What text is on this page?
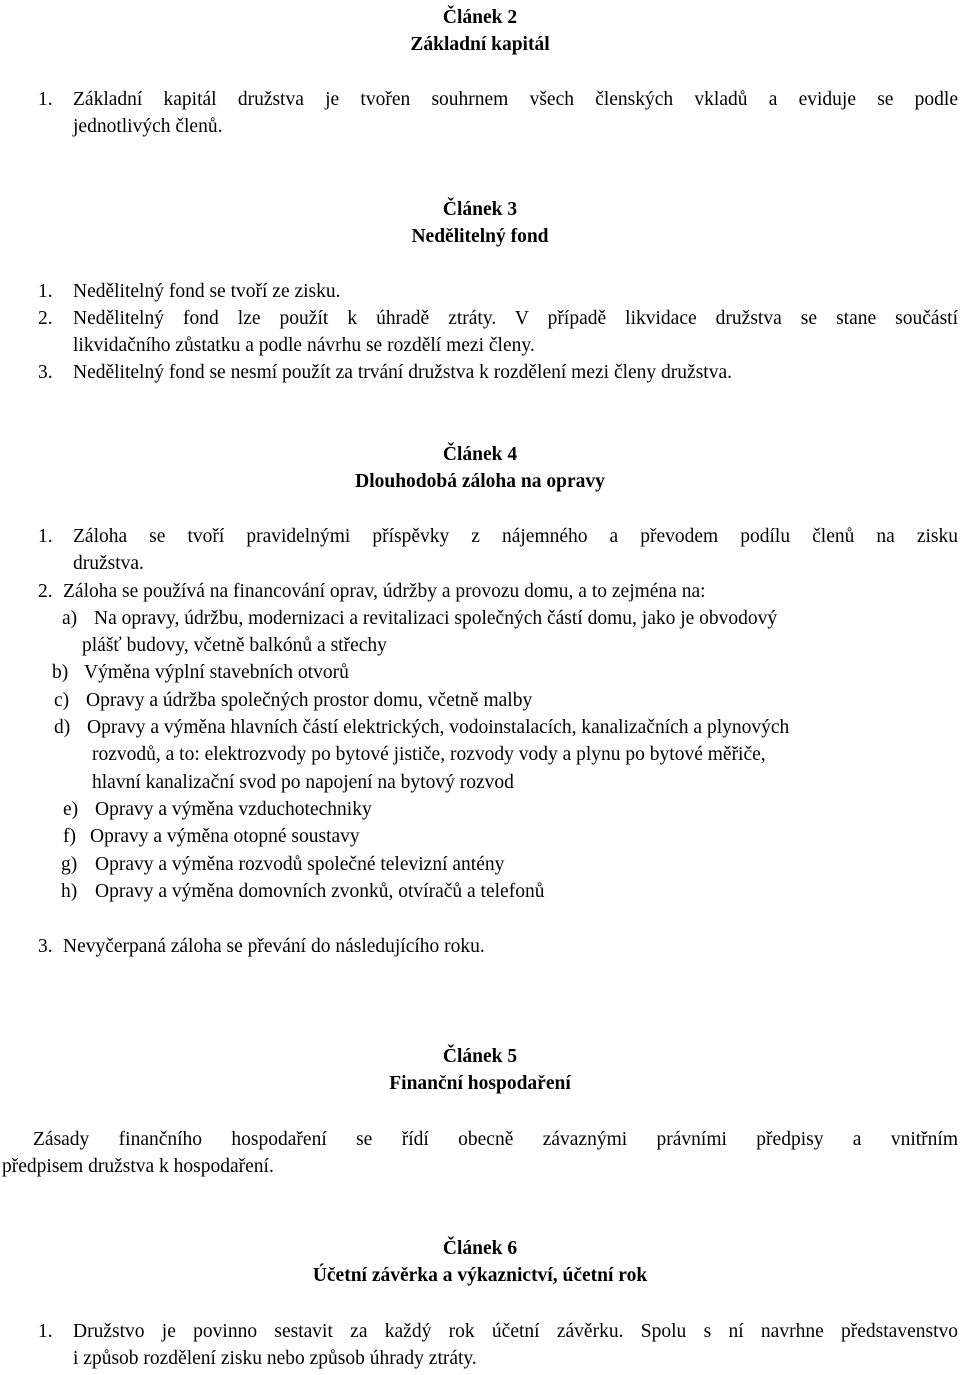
Článek 2
Základní kapitál
1. Základní kapitál družstva je tvořen souhrnem všech členských vkladů a eviduje se podle
jednotlivých členů.
Článek 3
Nedělitelný fond
1. Nedělitelný fond se tvoří ze zisku.
2. Nedělitelný fond lze použít k úhradě ztráty. V případě likvidace družstva se stane součástí
likvidačního zůstatku a podle návrhu se rozdělí mezi členy.
3. Nedělitelný fond se nesmí použít za trvání družstva k rozdělení mezi členy družstva.
Článek 4
Dlouhodobá záloha na opravy
1. Záloha se tvoří pravidelnými příspěvky z nájemného a převodem podílu členů na zisku
družstva.
2. Záloha se používá na financování oprav, údržby a provozu domu, a to zejména na:
a) Na opravy, údržbu, modernizaci a revitalizaci společných částí domu, jako je obvodový
plášť budovy, včetně balkónů a střechy
b) Výměna výplní stavebních otvorů
c) Opravy a údržba společných prostor domu, včetně malby
d) Opravy a výměna hlavních částí elektrických, vodoinstalacích, kanalizačních a plynových
rozvodů, a to: elektrozvody po bytové jističe, rozvody vody a plynu po bytové měřiče,
hlavní kanalizační svod po napojení na bytový rozvod
e) Opravy a výměna vzduchotechniky
f) Opravy a výměna otopné soustavy
g) Opravy a výměna rozvodů společné televizní antény
h) Opravy a výměna domovních zvonků, otvíračů a telefonů
3. Nevyčerpaná záloha se převání do následujícího roku.
Článek 5
Finanční hospodaření
Zásady finančního hospodaření se řídí obecně závaznými právními předpisy a vnitřním
předpisem družstva k hospodaření.
Článek 6
Účetní závěrka a výkaznictví, účetní rok
1. Družstvo je povinno sestavit za každý rok účetní závěrku. Spolu s ní navrhne představenstvo
i způsob rozdělení zisku nebo způsob úhrady ztráty.
